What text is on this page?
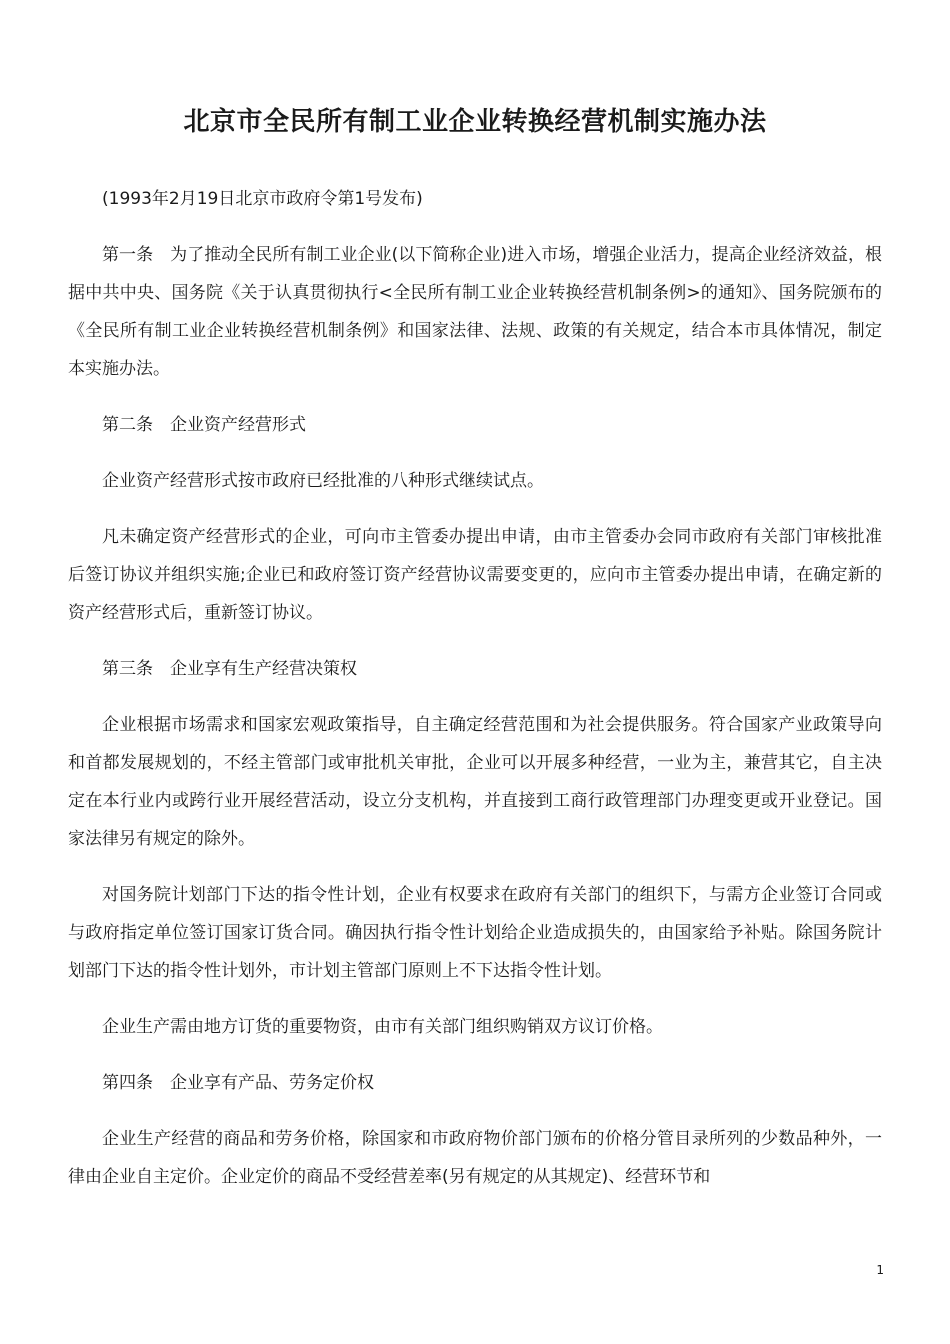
北京市全民所有制工业企业转换经营机制实施办法

(1993年2月19日北京市政府令第1号发布)

第一条　为了推动全民所有制工业企业(以下简称企业)进入市场，增强企业活力，提高企业经济效益，根据中共中央、国务院《关于认真贯彻执行<全民所有制工业企业转换经营机制条例>的通知》、国务院颁布的《全民所有制工业企业转换经营机制条例》和国家法律、法规、政策的有关规定，结合本市具体情况，制定本实施办法。

第二条　企业资产经营形式

企业资产经营形式按市政府已经批准的八种形式继续试点。

凡未确定资产经营形式的企业，可向市主管委办提出申请，由市主管委办会同市政府有关部门审核批准后签订协议并组织实施;企业已和政府签订资产经营协议需要变更的，应向市主管委办提出申请，在确定新的资产经营形式后，重新签订协议。

第三条　企业享有生产经营决策权

企业根据市场需求和国家宏观政策指导，自主确定经营范围和为社会提供服务。符合国家产业政策导向和首都发展规划的，不经主管部门或审批机关审批，企业可以开展多种经营，一业为主，兼营其它，自主决定在本行业内或跨行业开展经营活动，设立分支机构，并直接到工商行政管理部门办理变更或开业登记。国家法律另有规定的除外。

对国务院计划部门下达的指令性计划，企业有权要求在政府有关部门的组织下，与需方企业签订合同或与政府指定单位签订国家订货合同。确因执行指令性计划给企业造成损失的，由国家给予补贴。除国务院计划部门下达的指令性计划外，市计划主管部门原则上不下达指令性计划。

企业生产需由地方订货的重要物资，由市有关部门组织购销双方议订价格。

第四条　企业享有产品、劳务定价权

企业生产经营的商品和劳务价格，除国家和市政府物价部门颁布的价格分管目录所列的少数品种外，一律由企业自主定价。企业定价的商品不受经营差率(另有规定的从其规定)、经营环节和

1
